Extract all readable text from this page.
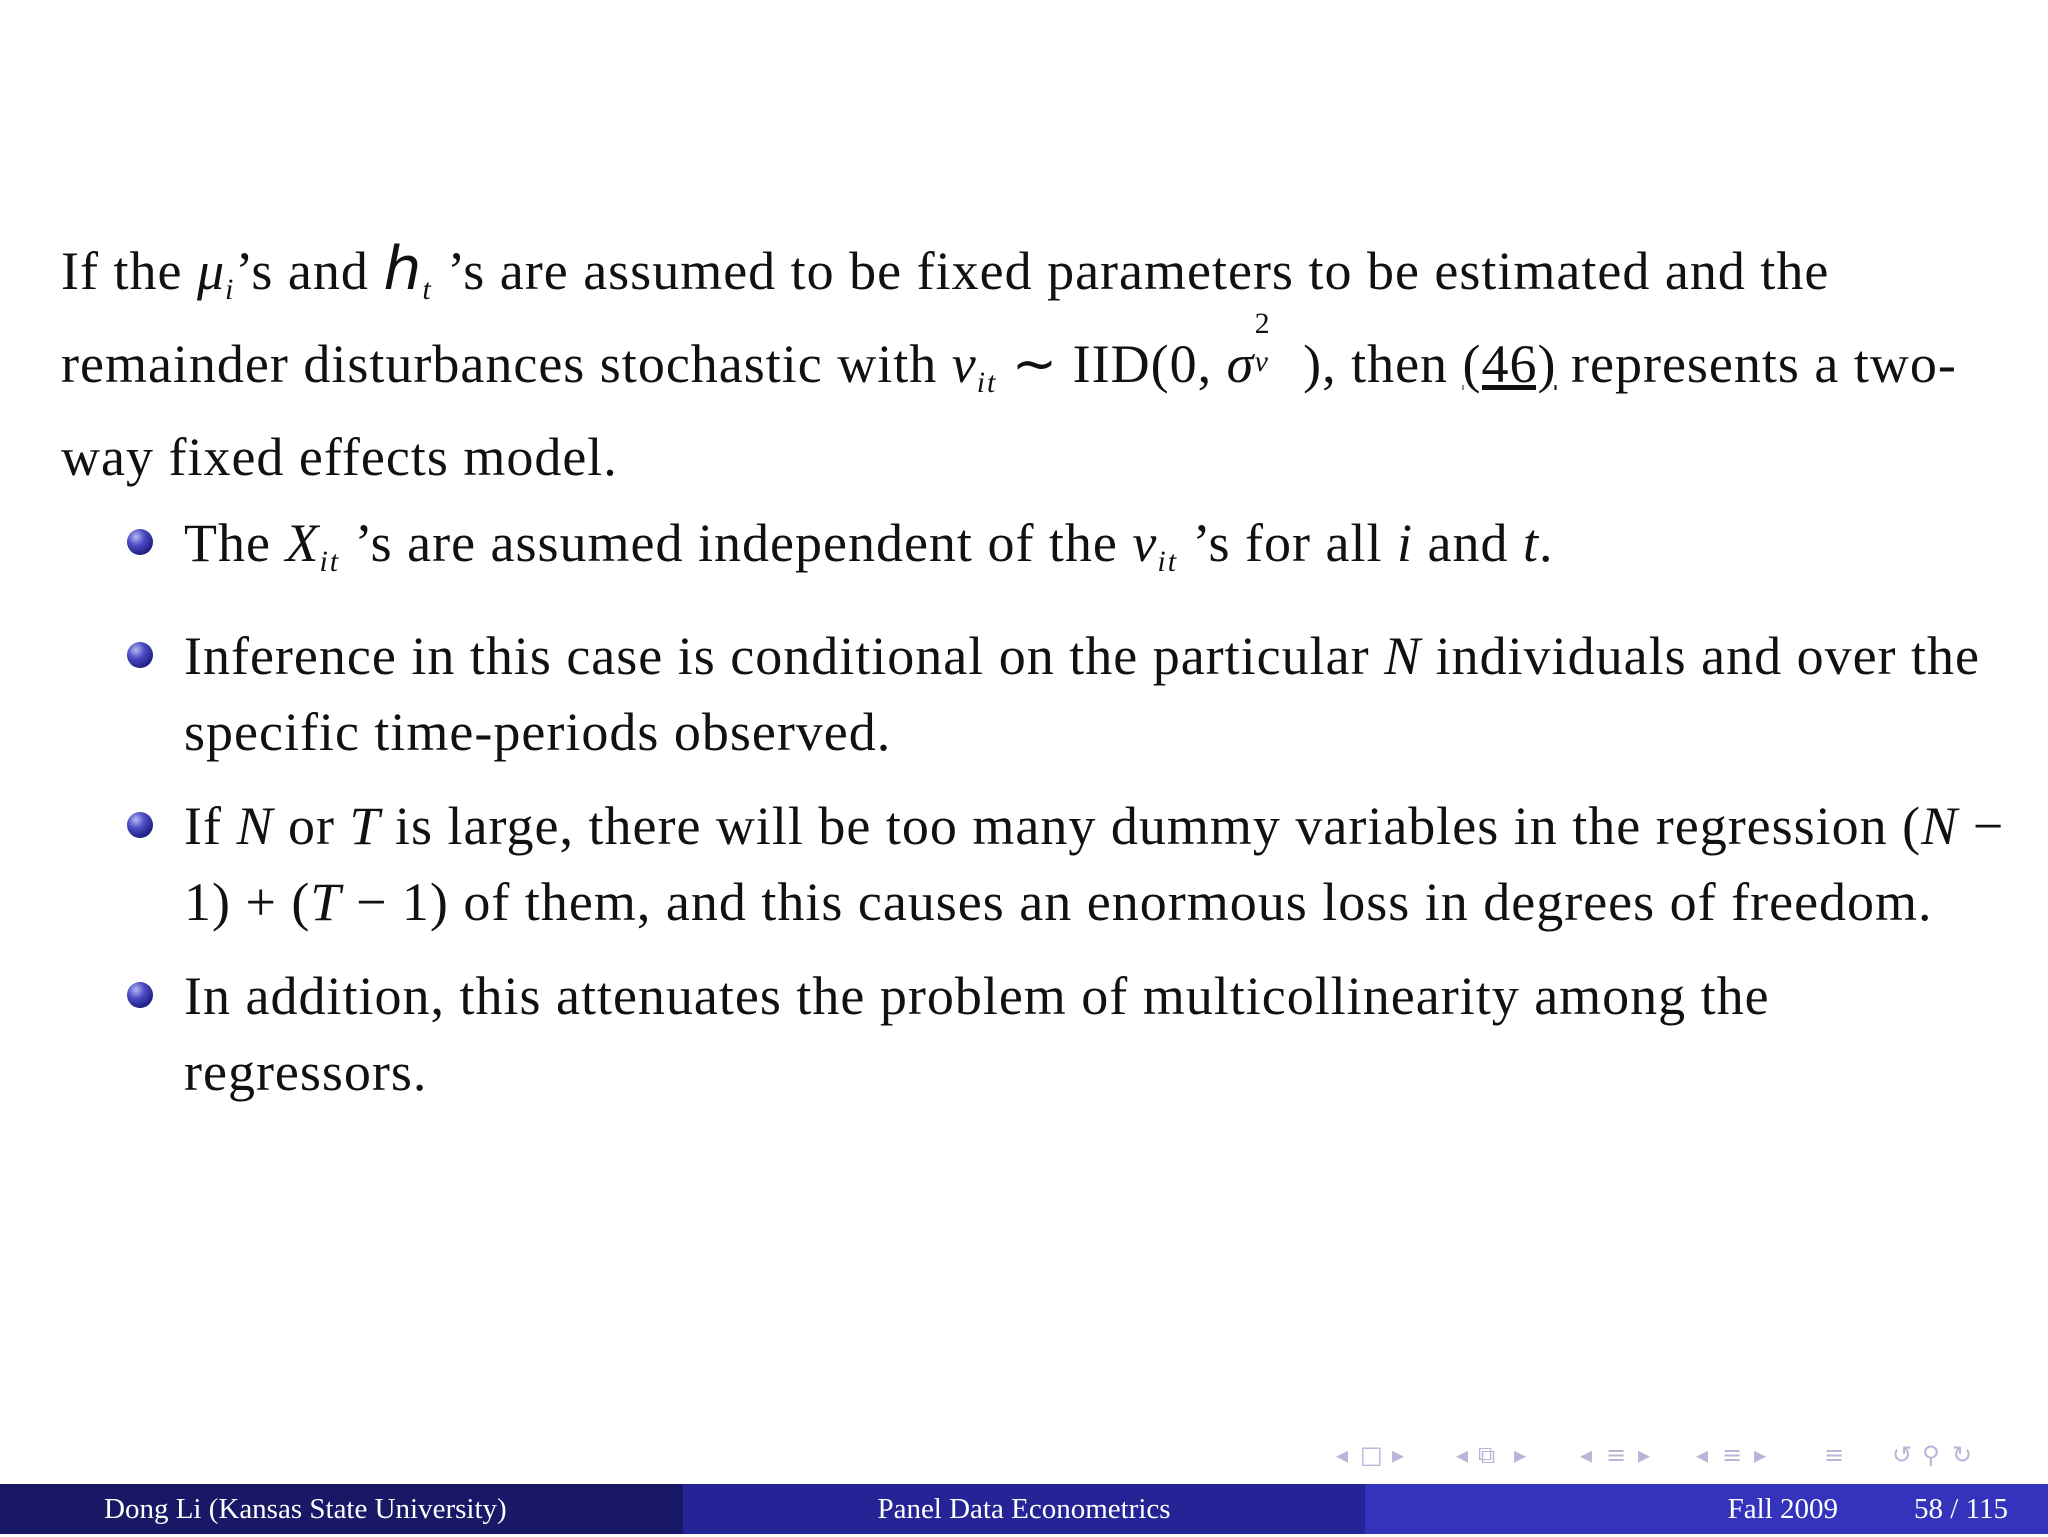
If the $\mu_i’s$ and $h_t$ ’s are assumed to be fixed parameters to be estimated and the remainder disturbances stochastic with $v_{it}$ ∼ IID(0, σ
2
v ), then (46) represents a two-way fixed effects model.

The $X_{it}$ ’s are assumed independent of the $v_{it}$ ’s for all i and t.
Inference in this case is conditional on the particular N individuals and over the specific time-periods observed.
If N or T is large, there will be too many dummy variables in the regression (N − 1) + (T − 1) of them, and this causes an enormous loss in degrees of freedom.
In addition, this attenuates the problem of multicollinearity among the regressors.
◂ □ ▸ ◂ ⧉ ▸ ◂ ≡ ▸ ◂ ≡ ▸ ≡ ↺ ⚲ ↻
Dong Li (Kansas State University)	Panel Data Econometrics	Fall 2009	58 / 115
